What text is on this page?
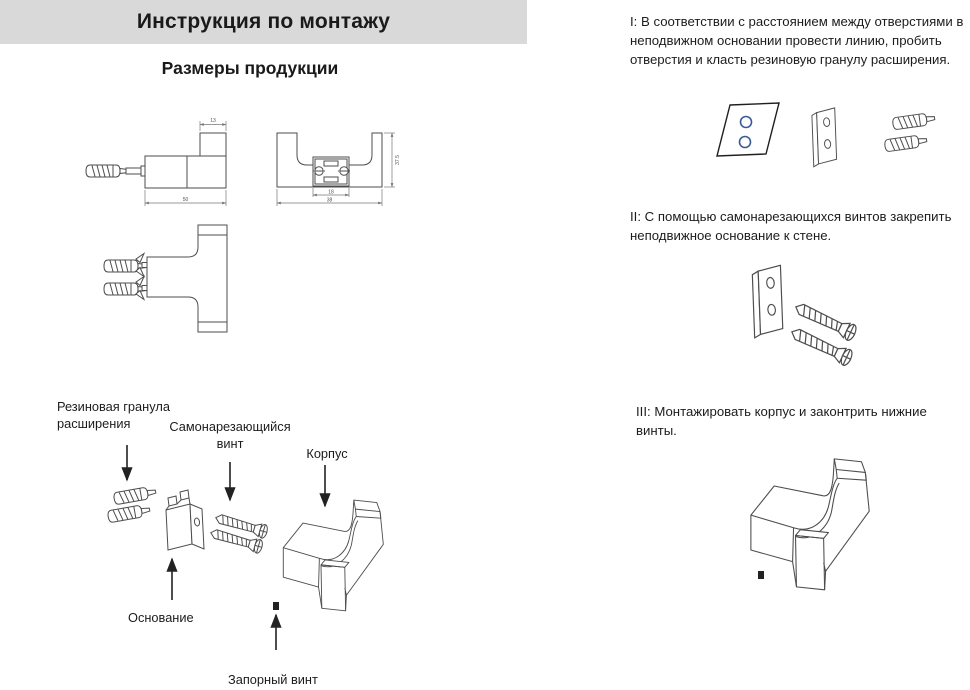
Инструкция по монтажу
Размеры продукции
13
50
37.5
18
38
Резиновая гранула расширения	Самонарезающийся винт
Корпус
Основание
Запорный винт
I: В соответствии с расстоянием между отверстиями в неподвижном основании провести линию, пробить отверстия и класть резиновую гранулу расширения.
II: С помощью самонарезающихся винтов закрепить неподвижное основание к стене.
III: Монтажировать корпус и законтрить нижние винты.
